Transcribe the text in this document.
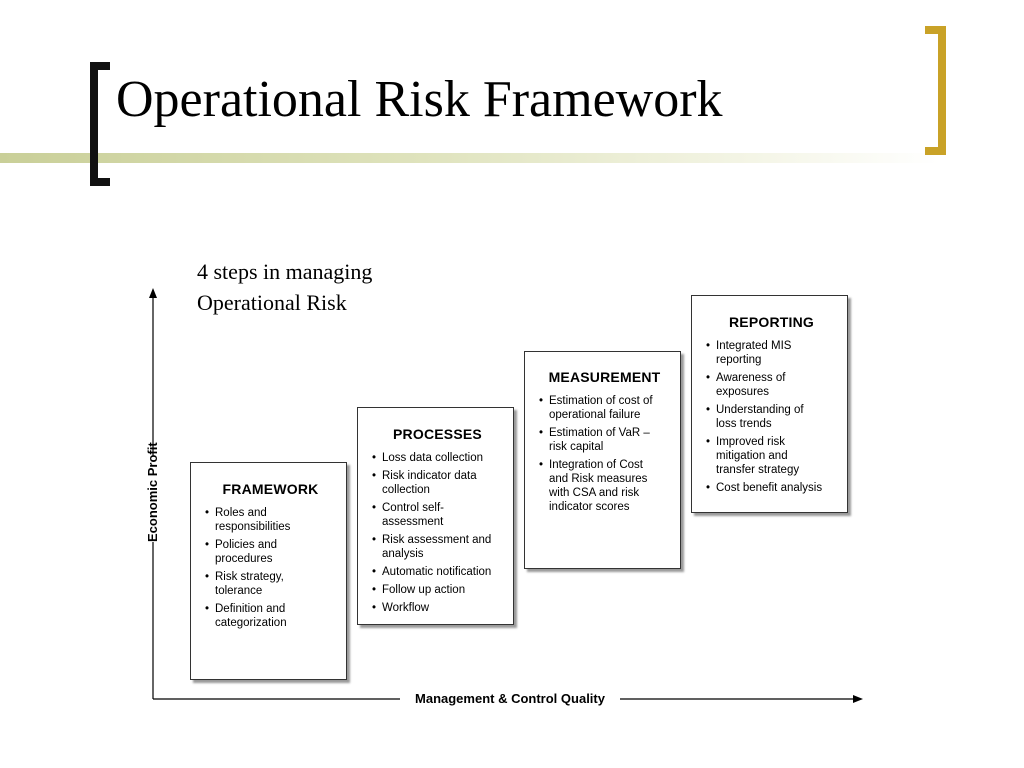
Operational Risk Framework
4 steps in managing
Operational Risk
Economic Profit
Management & Control Quality
FRAMEWORK
• Roles and
responsibilities
• Policies and
procedures
• Risk strategy,
tolerance
• Definition and
categorization
PROCESSES
• Loss data collection
• Risk indicator data
collection
• Control self-
assessment
• Risk assessment and
analysis
• Automatic notification
• Follow up action
• Workflow
MEASUREMENT
• Estimation of cost of
operational failure
• Estimation of VaR –
risk capital
• Integration of Cost
and Risk measures
with CSA and risk
indicator scores
REPORTING
• Integrated MIS
reporting
• Awareness of
exposures
• Understanding of
loss trends
• Improved risk
mitigation and
transfer strategy
• Cost benefit analysis
